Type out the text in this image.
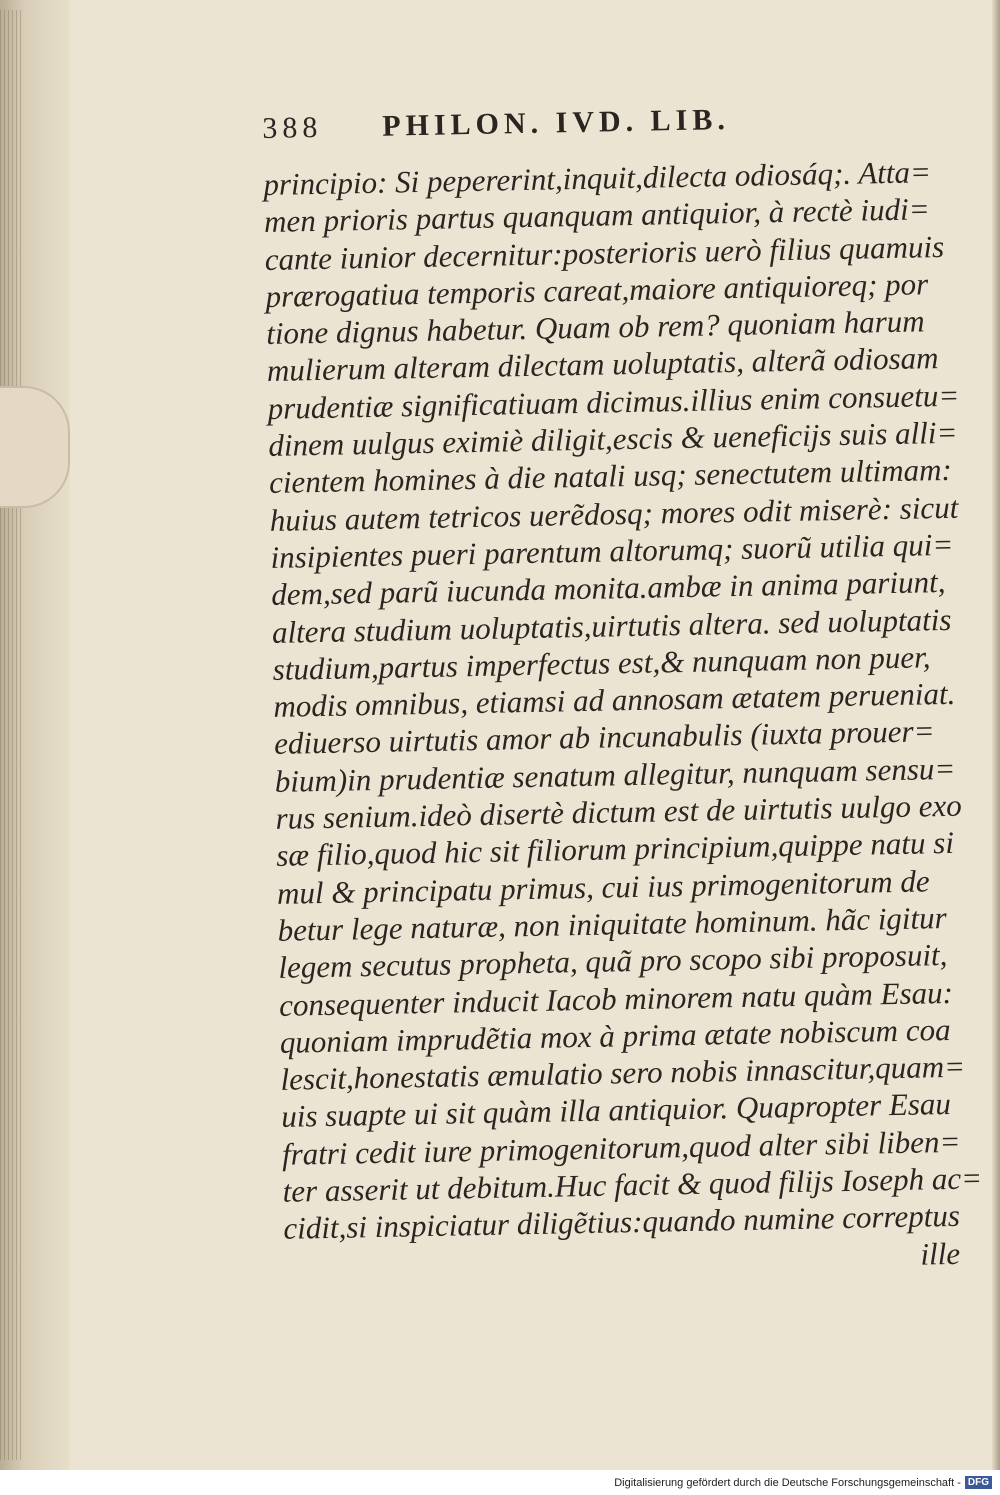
388	PHILON. IVD. LIB.
principio: Si pepererint,inquit,dilecta odiosáq;. Atta=
men prioris partus quanquam antiquior, à rectè iudi=
cante iunior decernitur:posterioris uerò filius quamuis
prærogatiua temporis careat,maiore antiquioreq; por
tione dignus habetur. Quam ob rem? quoniam harum
mulierum alteram dilectam uoluptatis, alterã odiosam
prudentiæ significatiuam dicimus.illius enim consuetu=
dinem uulgus eximiè diligit,escis & ueneficijs suis alli=
cientem homines à die natali usq; senectutem ultimam:
huius autem tetricos uerẽdosq; mores odit miserè: sicut
insipientes pueri parentum altorumq; suorũ utilia qui=
dem,sed parũ iucunda monita.ambæ in anima pariunt,
altera studium uoluptatis,uirtutis altera. sed uoluptatis
studium,partus imperfectus est,& nunquam non puer,
modis omnibus, etiamsi ad annosam ætatem perueniat.
ediuerso uirtutis amor ab incunabulis (iuxta prouer=
bium)in prudentiæ senatum allegitur, nunquam sensu=
rus senium.ideò disertè dictum est de uirtutis uulgo exo
sæ filio,quod hic sit filiorum principium,quippe natu si
mul & principatu primus, cui ius primogenitorum de
betur lege naturæ, non iniquitate hominum. hãc igitur
legem secutus propheta, quã pro scopo sibi proposuit,
consequenter inducit Iacob minorem natu quàm Esau:
quoniam imprudẽtia mox à prima ætate nobiscum coa
lescit,honestatis æmulatio sero nobis innascitur,quam=
uis suapte ui sit quàm illa antiquior. Quapropter Esau
fratri cedit iure primogenitorum,quod alter sibi liben=
ter asserit ut debitum.Huc facit & quod filijs Ioseph ac=
cidit,si inspiciatur diligẽtius:quando numine correptus
ille
Digitalisierung gefördert durch die Deutsche Forschungsgemeinschaft - DFG
